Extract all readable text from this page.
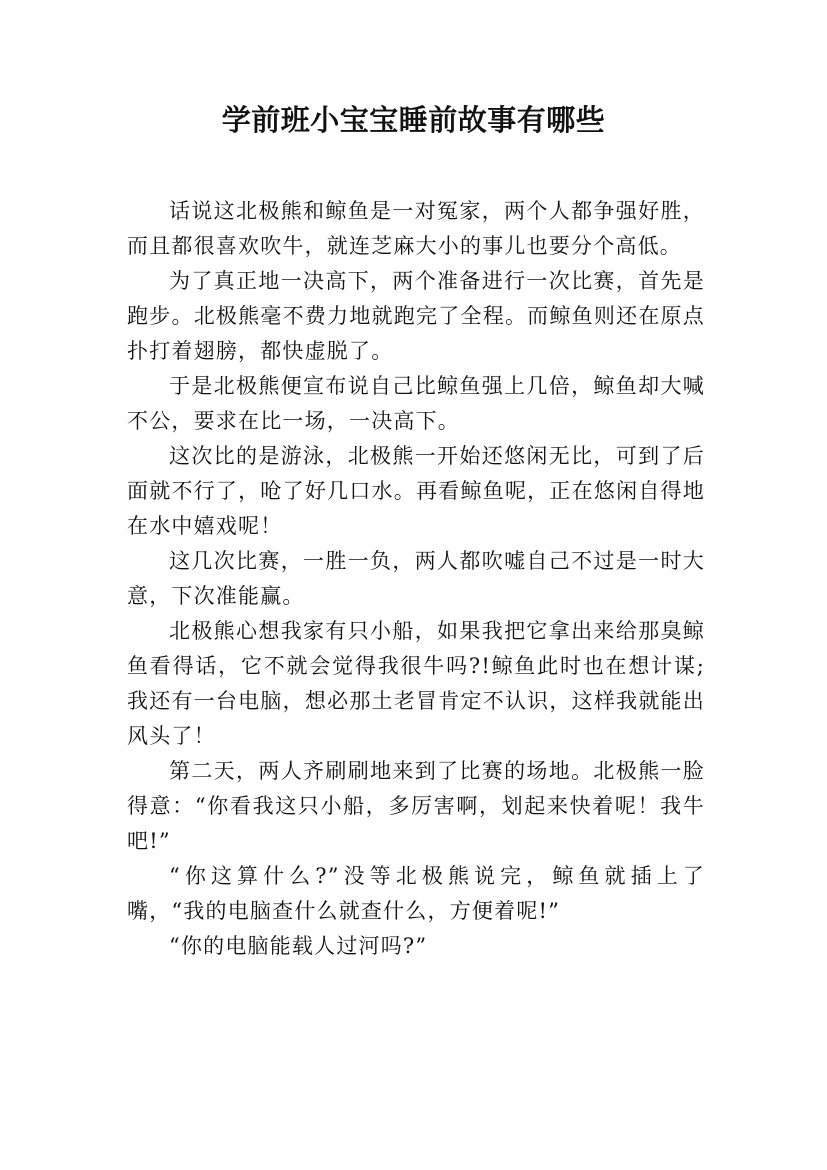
学前班小宝宝睡前故事有哪些

话说这北极熊和鲸鱼是一对冤家，两个人都争强好胜，而且都很喜欢吹牛，就连芝麻大小的事儿也要分个高低。

为了真正地一决高下，两个准备进行一次比赛，首先是跑步。北极熊毫不费力地就跑完了全程。而鲸鱼则还在原点扑打着翅膀，都快虚脱了。

于是北极熊便宣布说自己比鲸鱼强上几倍，鲸鱼却大喊不公，要求在比一场，一决高下。

这次比的是游泳，北极熊一开始还悠闲无比，可到了后面就不行了，呛了好几口水。再看鲸鱼呢，正在悠闲自得地在水中嬉戏呢！

这几次比赛，一胜一负，两人都吹嘘自己不过是一时大意，下次准能赢。

北极熊心想我家有只小船，如果我把它拿出来给那臭鲸鱼看得话，它不就会觉得我很牛吗?!鲸鱼此时也在想计谋;我还有一台电脑，想必那土老冒肯定不认识，这样我就能出风头了！

第二天，两人齐刷刷地来到了比赛的场地。北极熊一脸得意：“你看我这只小船，多厉害啊，划起来快着呢！我牛吧!”

“你这算什么?”没等北极熊说完，鲸鱼就插上了嘴，“我的电脑查什么就查什么，方便着呢!”

“你的电脑能载人过河吗?”
